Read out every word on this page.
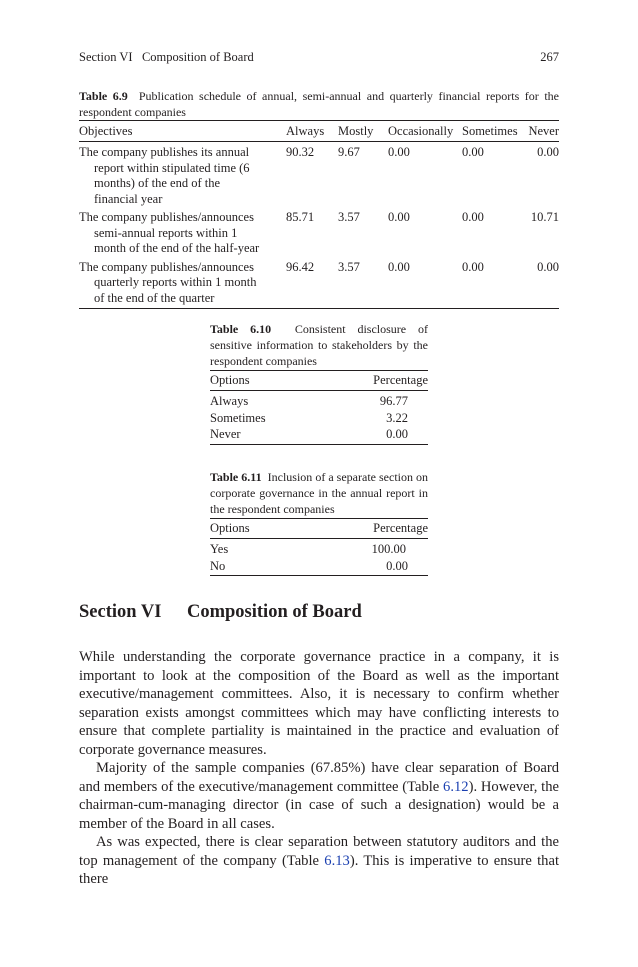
Section VI   Composition of Board	267
Table 6.9 Publication schedule of annual, semi-annual and quarterly financial reports for the respondent companies
Objectives	Always	Mostly	Occasionally	Sometimes	Never
The company publishes its annual report within stipulated time (6 months) of the end of the financial year	90.32	9.67	0.00	0.00	0.00
The company publishes/announces semi-annual reports within 1 month of the end of the half-year	85.71	3.57	0.00	0.00	10.71
The company publishes/announces quarterly reports within 1 month of the end of the quarter	96.42	3.57	0.00	0.00	0.00
Table 6.10 Consistent disclosure of sensitive information to stakeholders by the respondent companies
Options	Percentage
Always	96.77
Sometimes	3.22
Never	0.00
Table 6.11 Inclusion of a separate section on corporate governance in the annual report in the respondent companies
Options	Percentage
Yes	100.00
No	0.00
Section VI Composition of Board

While understanding the corporate governance practice in a company, it is important to look at the composition of the Board as well as the important executive/management committees. Also, it is necessary to confirm whether separation exists amongst committees which may have conflicting interests to ensure that complete partiality is maintained in the practice and evaluation of corporate governance measures.

Majority of the sample companies (67.85%) have clear separation of Board and members of the executive/management committee (Table 6.12). However, the chairman-cum-managing director (in case of such a designation) would be a member of the Board in all cases.

As was expected, there is clear separation between statutory auditors and the top management of the company (Table 6.13). This is imperative to ensure that there
